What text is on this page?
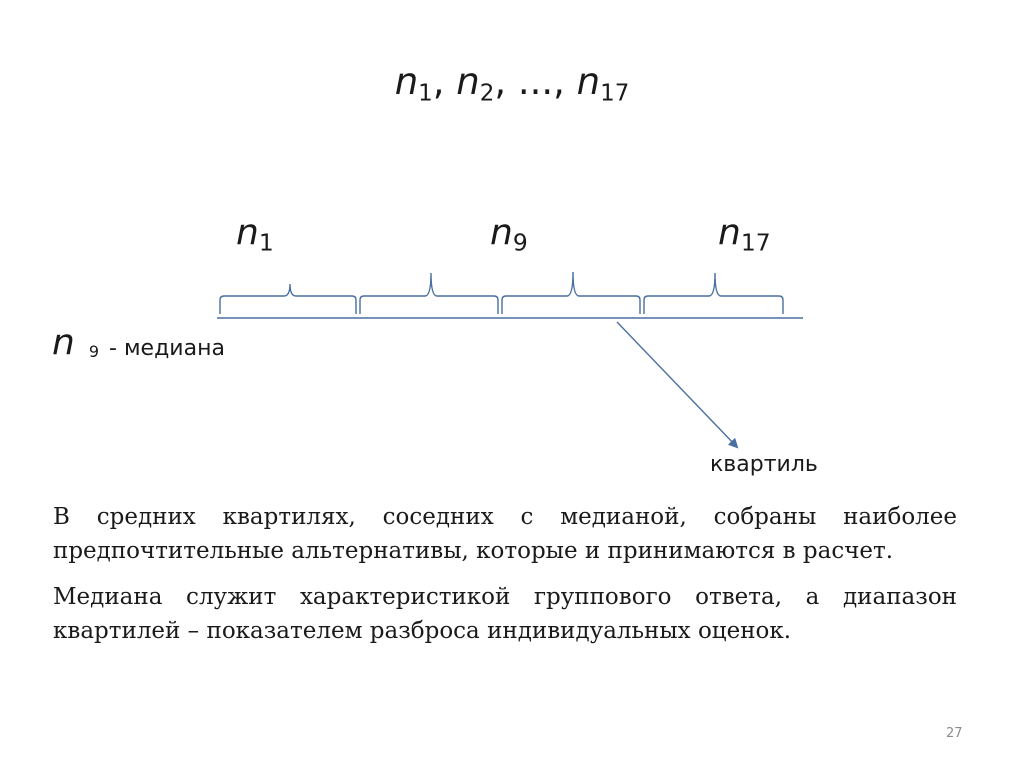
$n_1$, $n_2$, ..., $n_{17}$
$n_1$	$n_9$	$n_{17}$
n 9 - медиана
квартиль
В средних квартилях, соседних с медианой, собраны наиболее предпочтительные альтернативы, которые и принимаются в расчет.
Медиана служит характеристикой группового ответа, а диапазон квартилей – показателем разброса индивидуальных оценок.
27
